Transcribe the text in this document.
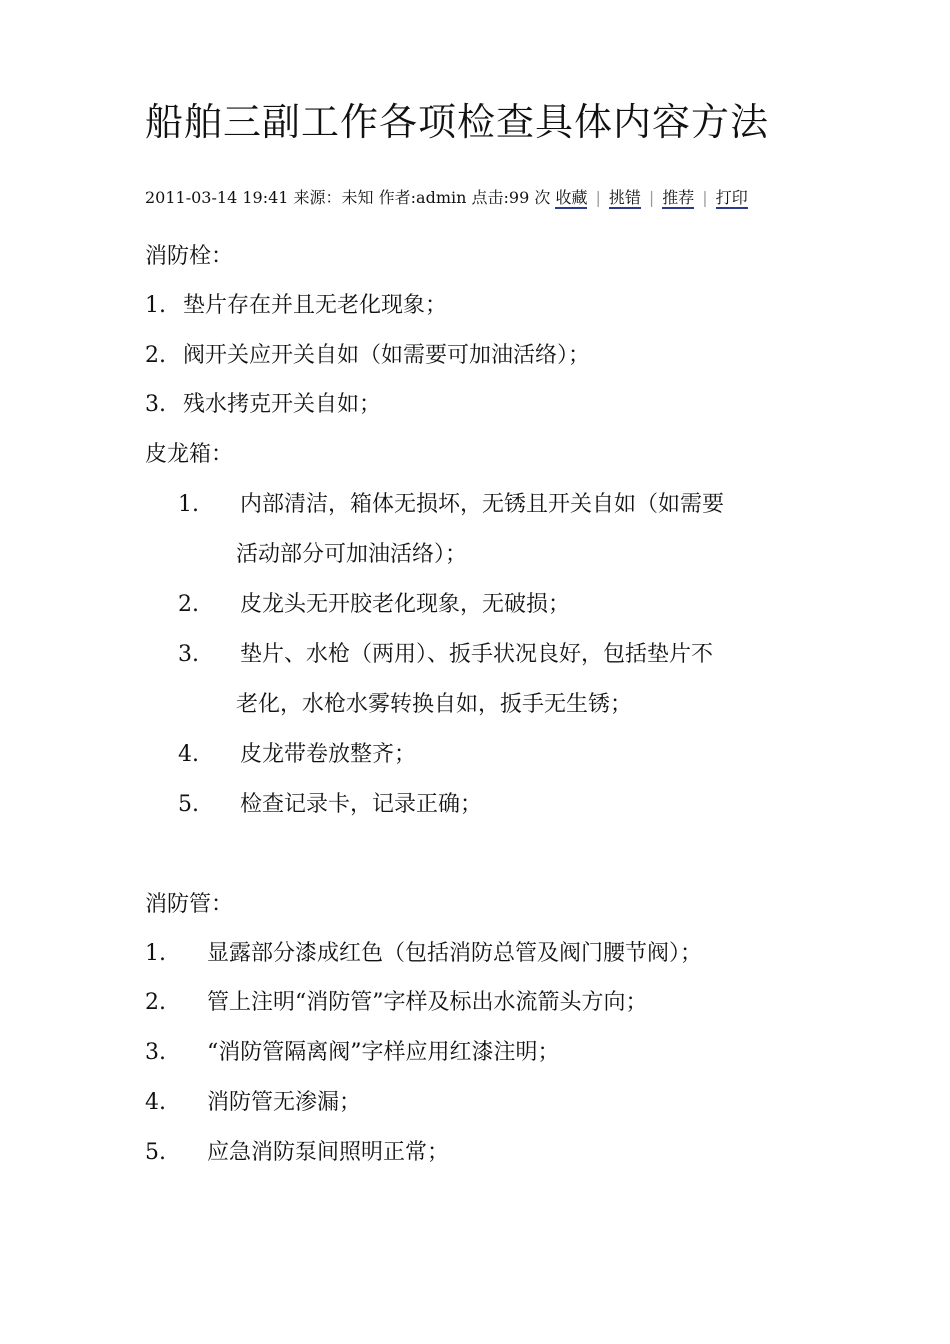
船舶三副工作各项检查具体内容方法
2011-03-14 19:41 来源：未知 作者:admin 点击:99 次 收藏 | 挑错 | 推荐 | 打印

消防栓：

1. 垫片存在并且无老化现象；

2. 阀开关应开关自如（如需要可加油活络）；

3. 残水拷克开关自如；

皮龙箱：

1. 内部清洁，箱体无损坏，无锈且开关自如（如需要

活动部分可加油活络）；

2. 皮龙头无开胶老化现象，无破损；

3. 垫片、水枪（两用）、扳手状况良好，包括垫片不

老化，水枪水雾转换自如，扳手无生锈；

4. 皮龙带卷放整齐；

5. 检查记录卡，记录正确；

消防管：

1. 显露部分漆成红色（包括消防总管及阀门腰节阀）；

2. 管上注明“消防管”字样及标出水流箭头方向；

3. “消防管隔离阀”字样应用红漆注明；

4. 消防管无渗漏；

5. 应急消防泵间照明正常；
